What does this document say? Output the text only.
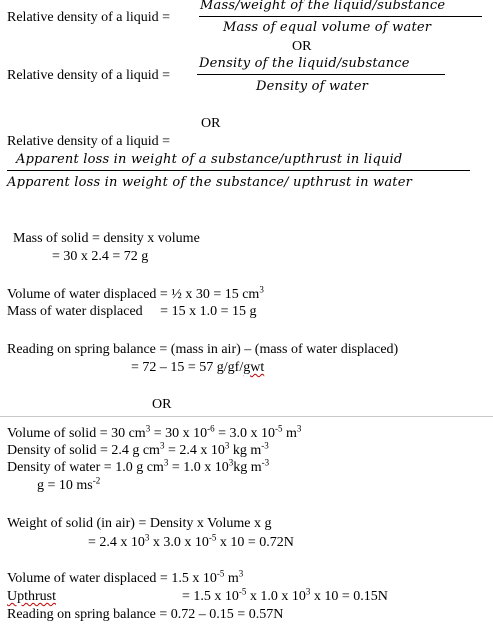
Relative density of a liquid =
Mass/weight of the liquid/substance
Mass of equal volume of water
OR
Relative density of a liquid =
Density of the liquid/substance
Density of water
OR
Relative density of a liquid =
Apparent loss in weight of a substance/upthrust in liquid
Apparent loss in weight of the substance/ upthrust in water
Mass of solid = density x volume
= 30 x 2.4 = 72 g
Volume of water displaced = ½ x 30 = 15 $cm^3$
Mass of water displaced     = 15 x 1.0 = 15 g
Reading on spring balance = (mass in air) – (mass of water displaced)
= 72 – 15 = 57 g/gf/gwt
OR
Volume of solid = 30 $cm^3 = 30$ x $10^{-6} = 3.0$ x $10^{-5}$ $m^3$
Density of solid = 2.4 g $cm^3 = 2.4$ x $10^3$ kg $m^{-3}$
Density of water = 1.0 g $cm^3 = 1.0$ x $10^3kg$ $m^{-3}$
g = 10 $ms^{-2}$
Weight of solid (in air) = Density x Volume x g
= 2.4 x $10^3$ x 3.0 x $10^{-5}$ x 10 = 0.72N
Volume of water displaced = 1.5 x $10^{-5}$ $m^3$
Upthrust	= 1.5 x $10^{-5}$ x 1.0 x $10^3$ x 10 = 0.15N
Reading on spring balance = 0.72 – 0.15 = 0.57N
